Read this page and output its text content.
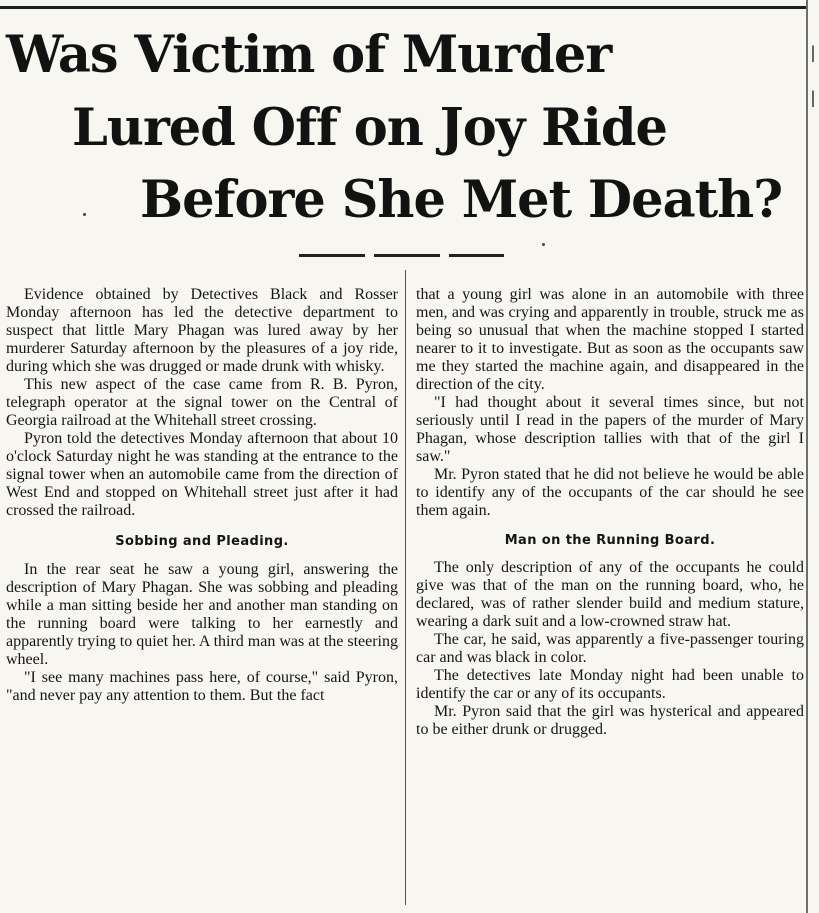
|
|
Was Victim of Murder
Lured Off on Joy Ride
Before She Met Death?

Evidence obtained by Detectives Black and Rosser Monday afternoon has led the detective department to suspect that little Mary Phagan was lured away by her murderer Saturday afternoon by the pleasures of a joy ride, during which she was drugged or made drunk with whisky.

This new aspect of the case came from R. B. Pyron, telegraph operator at the signal tower on the Central of Georgia railroad at the Whitehall street crossing.

Pyron told the detectives Monday afternoon that about 10 o'clock Saturday night he was standing at the entrance to the signal tower when an automobile came from the direction of West End and stopped on Whitehall street just after it had crossed the railroad.

Sobbing and Pleading.

In the rear seat he saw a young girl, answering the description of Mary Phagan. She was sobbing and pleading while a man sitting beside her and another man standing on the running board were talking to her earnestly and apparently trying to quiet her. A third man was at the steering wheel.

"I see many machines pass here, of course," said Pyron, "and never pay any attention to them. But the fact

that a young girl was alone in an automobile with three men, and was crying and apparently in trouble, struck me as being so unusual that when the machine stopped I started nearer to it to investigate. But as soon as the occupants saw me they started the machine again, and disappeared in the direction of the city.

"I had thought about it several times since, but not seriously until I read in the papers of the murder of Mary Phagan, whose description tallies with that of the girl I saw."

Mr. Pyron stated that he did not believe he would be able to identify any of the occupants of the car should he see them again.

Man on the Running Board.

The only description of any of the occupants he could give was that of the man on the running board, who, he declared, was of rather slender build and medium stature, wearing a dark suit and a low-crowned straw hat.

The car, he said, was apparently a five-passenger touring car and was black in color.

The detectives late Monday night had been unable to identify the car or any of its occupants.

Mr. Pyron said that the girl was hysterical and appeared to be either drunk or drugged.
